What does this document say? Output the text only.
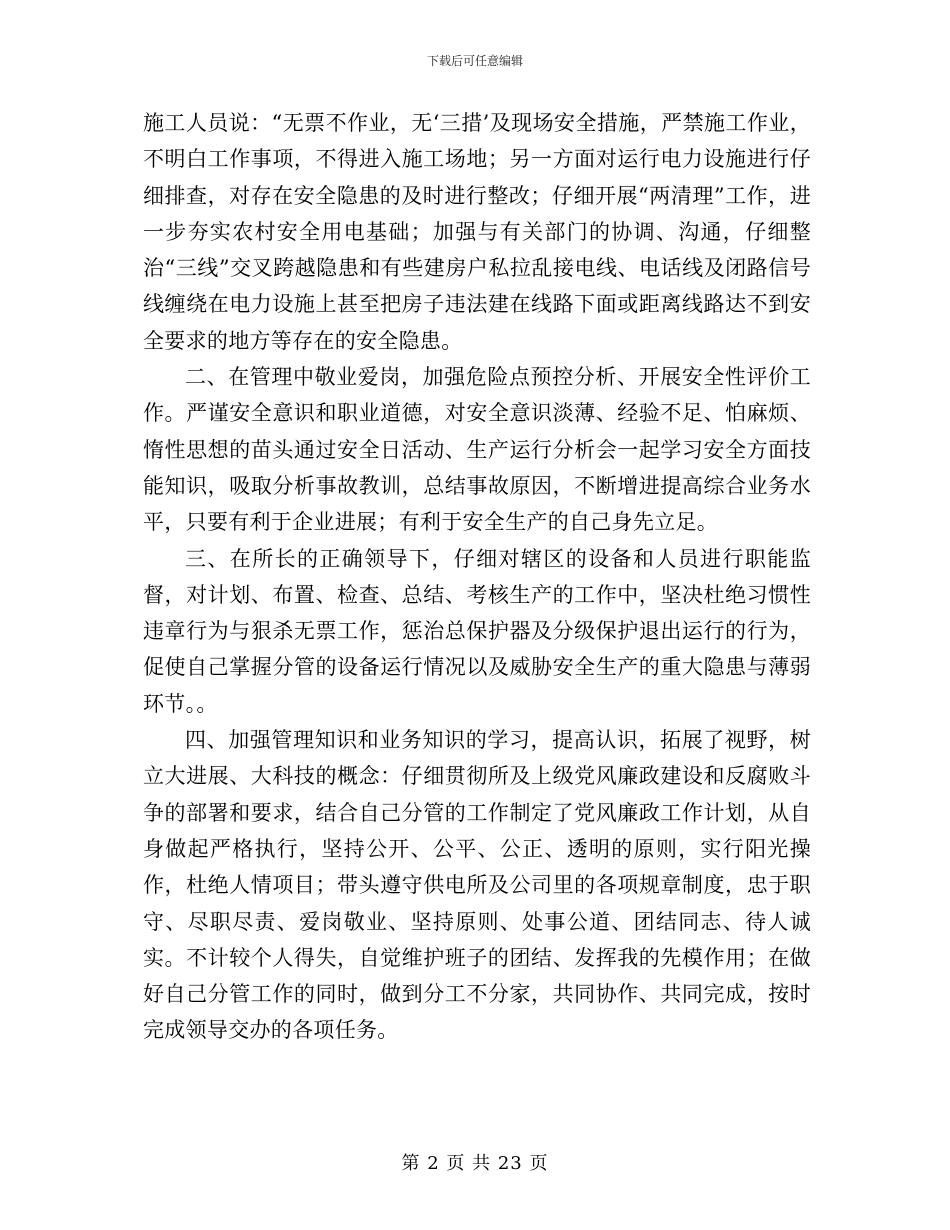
下载后可任意编辑

施工人员说：“无票不作业，无‘三措’及现场安全措施，严禁施工作业，不明白工作事项，不得进入施工场地；另一方面对运行电力设施进行仔细排查，对存在安全隐患的及时进行整改；仔细开展“两清理”工作，进一步夯实农村安全用电基础；加强与有关部门的协调、沟通，仔细整治“三线”交叉跨越隐患和有些建房户私拉乱接电线、电话线及闭路信号线缠绕在电力设施上甚至把房子违法建在线路下面或距离线路达不到安全要求的地方等存在的安全隐患。

二、在管理中敬业爱岗，加强危险点预控分析、开展安全性评价工作。严谨安全意识和职业道德，对安全意识淡薄、经验不足、怕麻烦、惰性思想的苗头通过安全日活动、生产运行分析会一起学习安全方面技能知识，吸取分析事故教训，总结事故原因，不断增进提高综合业务水平，只要有利于企业进展；有利于安全生产的自己身先立足。

三、在所长的正确领导下，仔细对辖区的设备和人员进行职能监督，对计划、布置、检查、总结、考核生产的工作中，坚决杜绝习惯性违章行为与狠杀无票工作，惩治总保护器及分级保护退出运行的行为，促使自己掌握分管的设备运行情况以及威胁安全生产的重大隐患与薄弱环节。。

四、加强管理知识和业务知识的学习，提高认识，拓展了视野，树立大进展、大科技的概念：仔细贯彻所及上级党风廉政建设和反腐败斗争的部署和要求，结合自己分管的工作制定了党风廉政工作计划，从自身做起严格执行，坚持公开、公平、公正、透明的原则，实行阳光操作，杜绝人情项目；带头遵守供电所及公司里的各项规章制度，忠于职守、尽职尽责、爱岗敬业、坚持原则、处事公道、团结同志、待人诚实。不计较个人得失，自觉维护班子的团结、发挥我的先模作用；在做好自己分管工作的同时，做到分工不分家，共同协作、共同完成，按时完成领导交办的各项任务。

第 2 页 共 23 页
